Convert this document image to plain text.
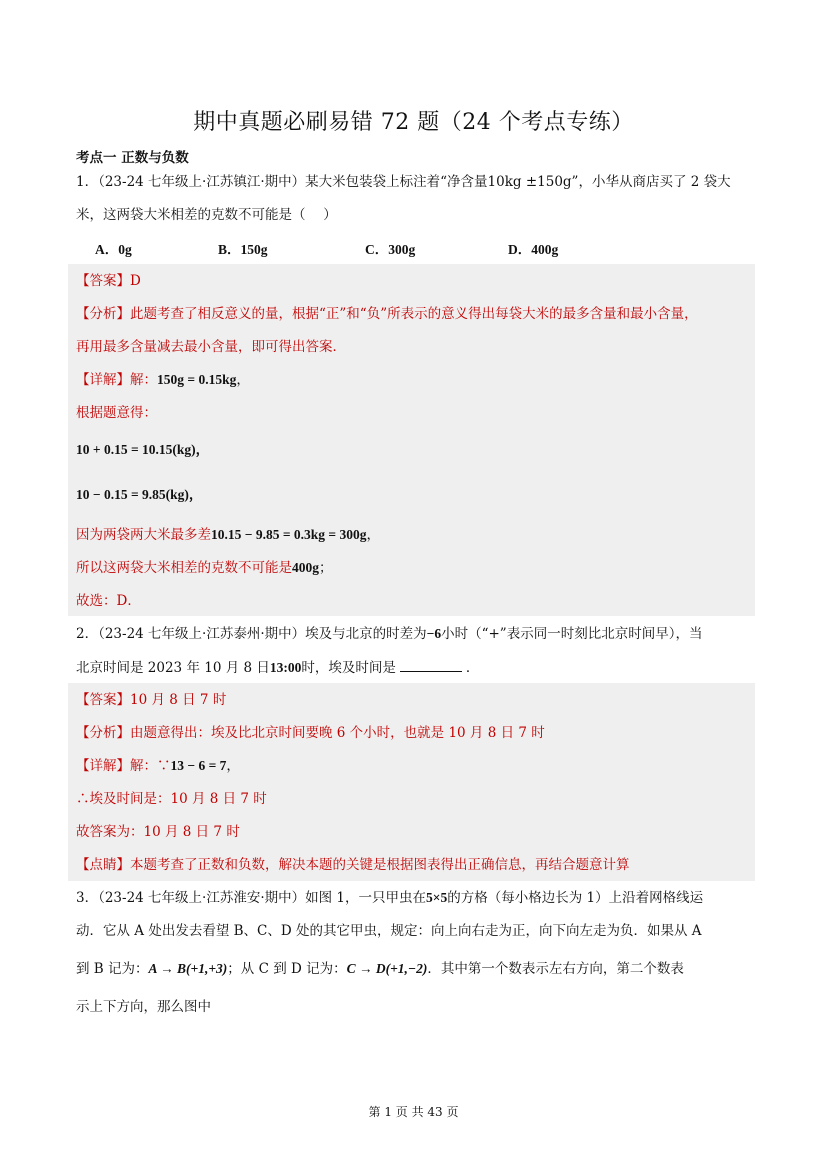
期中真题必刷易错 72 题（24 个考点专练）
考点一 正数与负数
1．（23-24 七年级上·江苏镇江·期中）某大米包装袋上标注着“净含量10kg ±150g”，小华从商店买了 2 袋大
米，这两袋大米相差的克数不可能是（　 ）
A．0g	B．150g	C．300g	D．400g
【答案】D
【分析】此题考查了相反意义的量，根据“正”和“负”所表示的意义得出每袋大米的最多含量和最小含量，
再用最多含量减去最小含量，即可得出答案．
【详解】解：150g = 0.15kg，
根据题意得：
10 + 0.15 = 10.15(kg)，
10 − 0.15 = 9.85(kg)，
因为两袋两大米最多差10.15 − 9.85 = 0.3kg = 300g，
所以这两袋大米相差的克数不可能是400g；
故选：D．
2．（23-24 七年级上·江苏泰州·期中）埃及与北京的时差为−6小时（“+”表示同一时刻比北京时间早），当
北京时间是 2023 年 10 月 8 日13:00时，埃及时间是	．
【答案】10 月 8 日 7 时
【分析】由题意得出：埃及比北京时间要晚 6 个小时，也就是 10 月 8 日 7 时
【详解】解：∵13 − 6 = 7，
∴埃及时间是：10 月 8 日 7 时
故答案为：10 月 8 日 7 时
【点睛】本题考查了正数和负数，解决本题的关键是根据图表得出正确信息，再结合题意计算
3．（23-24 七年级上·江苏淮安·期中）如图 1，一只甲虫在5×5的方格（每小格边长为 1）上沿着网格线运
动．它从 A 处出发去看望 B、C、D 处的其它甲虫，规定：向上向右走为正，向下向左走为负．如果从 A
到 B 记为：A → B(+1,+3)；从 C 到 D 记为：C → D(+1,−2)．其中第一个数表示左右方向，第二个数表
示上下方向，那么图中
第 1 页 共 43 页
